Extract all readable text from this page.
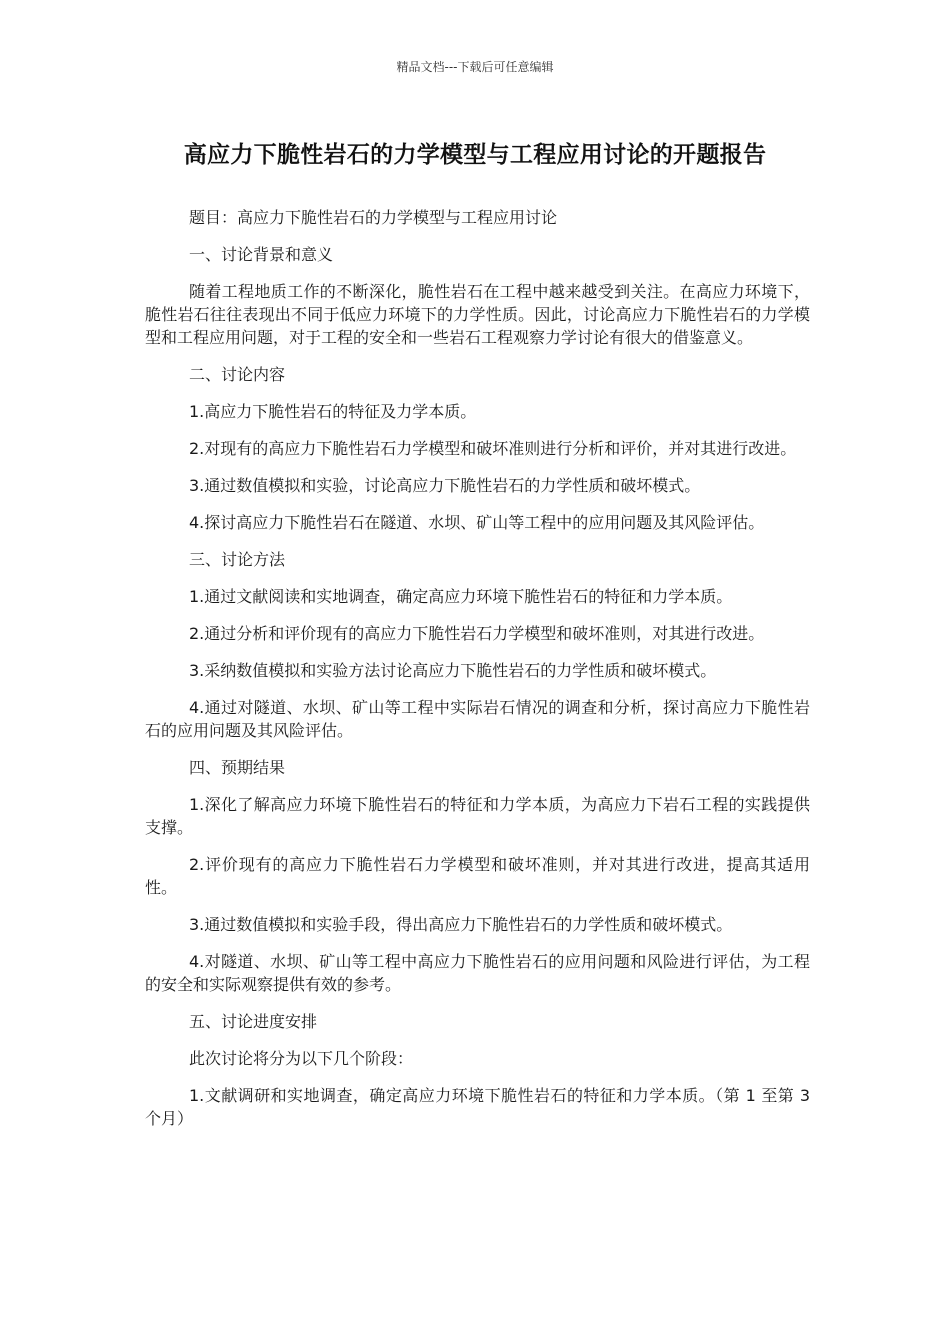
精品文档---下载后可任意编辑
高应力下脆性岩石的力学模型与工程应用讨论的开题报告

题目：高应力下脆性岩石的力学模型与工程应用讨论

一、讨论背景和意义

随着工程地质工作的不断深化，脆性岩石在工程中越来越受到关注。在高应力环境下，脆性岩石往往表现出不同于低应力环境下的力学性质。因此，讨论高应力下脆性岩石的力学模型和工程应用问题，对于工程的安全和一些岩石工程观察力学讨论有很大的借鉴意义。

二、讨论内容

1.高应力下脆性岩石的特征及力学本质。

2.对现有的高应力下脆性岩石力学模型和破坏准则进行分析和评价，并对其进行改进。

3.通过数值模拟和实验，讨论高应力下脆性岩石的力学性质和破坏模式。

4.探讨高应力下脆性岩石在隧道、水坝、矿山等工程中的应用问题及其风险评估。

三、讨论方法

1.通过文献阅读和实地调查，确定高应力环境下脆性岩石的特征和力学本质。

2.通过分析和评价现有的高应力下脆性岩石力学模型和破坏准则，对其进行改进。

3.采纳数值模拟和实验方法讨论高应力下脆性岩石的力学性质和破坏模式。

4.通过对隧道、水坝、矿山等工程中实际岩石情况的调查和分析，探讨高应力下脆性岩石的应用问题及其风险评估。

四、预期结果

1.深化了解高应力环境下脆性岩石的特征和力学本质，为高应力下岩石工程的实践提供支撑。

2.评价现有的高应力下脆性岩石力学模型和破坏准则，并对其进行改进，提高其适用性。

3.通过数值模拟和实验手段，得出高应力下脆性岩石的力学性质和破坏模式。

4.对隧道、水坝、矿山等工程中高应力下脆性岩石的应用问题和风险进行评估，为工程的安全和实际观察提供有效的参考。

五、讨论进度安排

此次讨论将分为以下几个阶段：

1.文献调研和实地调查，确定高应力环境下脆性岩石的特征和力学本质。（第 1 至第 3 个月）
